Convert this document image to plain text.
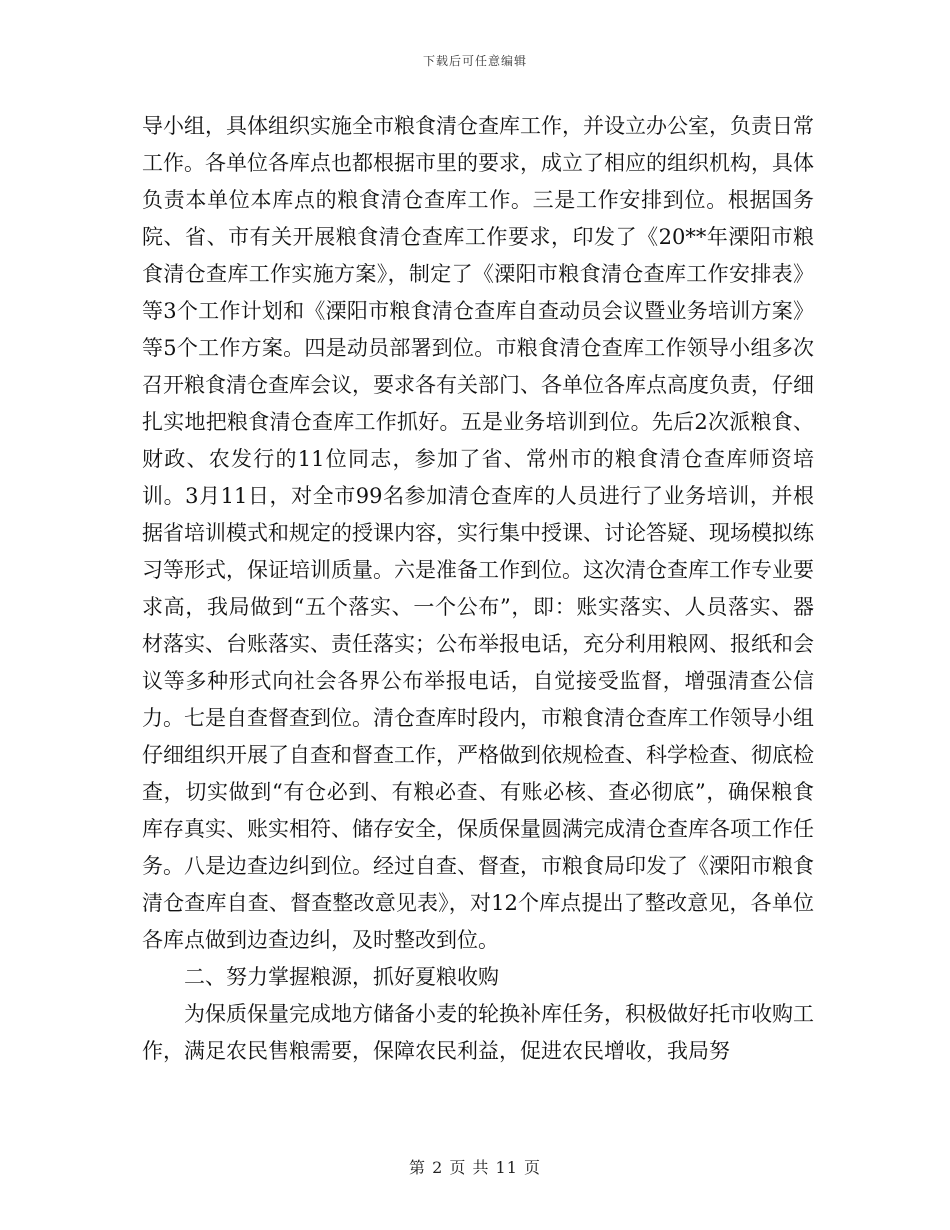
下载后可任意编辑

导小组，具体组织实施全市粮食清仓查库工作，并设立办公室，负责日常工作。各单位各库点也都根据市里的要求，成立了相应的组织机构，具体负责本单位本库点的粮食清仓查库工作。三是工作安排到位。根据国务院、省、市有关开展粮食清仓查库工作要求，印发了《20**年溧阳市粮食清仓查库工作实施方案》，制定了《溧阳市粮食清仓查库工作安排表》等3个工作计划和《溧阳市粮食清仓查库自查动员会议暨业务培训方案》等5个工作方案。四是动员部署到位。市粮食清仓查库工作领导小组多次召开粮食清仓查库会议，要求各有关部门、各单位各库点高度负责，仔细扎实地把粮食清仓查库工作抓好。五是业务培训到位。先后2次派粮食、财政、农发行的11位同志，参加了省、常州市的粮食清仓查库师资培训。3月11日，对全市99名参加清仓查库的人员进行了业务培训，并根据省培训模式和规定的授课内容，实行集中授课、讨论答疑、现场模拟练习等形式，保证培训质量。六是准备工作到位。这次清仓查库工作专业要求高，我局做到“五个落实、一个公布”，即：账实落实、人员落实、器材落实、台账落实、责任落实；公布举报电话，充分利用粮网、报纸和会议等多种形式向社会各界公布举报电话，自觉接受监督，增强清查公信力。七是自查督查到位。清仓查库时段内，市粮食清仓查库工作领导小组仔细组织开展了自查和督查工作，严格做到依规检查、科学检查、彻底检查，切实做到“有仓必到、有粮必查、有账必核、查必彻底”，确保粮食库存真实、账实相符、储存安全，保质保量圆满完成清仓查库各项工作任务。八是边查边纠到位。经过自查、督查，市粮食局印发了《溧阳市粮食清仓查库自查、督查整改意见表》，对12个库点提出了整改意见，各单位各库点做到边查边纠，及时整改到位。

二、努力掌握粮源，抓好夏粮收购

为保质保量完成地方储备小麦的轮换补库任务，积极做好托市收购工作，满足农民售粮需要，保障农民利益，促进农民增收，我局努

第 2 页 共 11 页
